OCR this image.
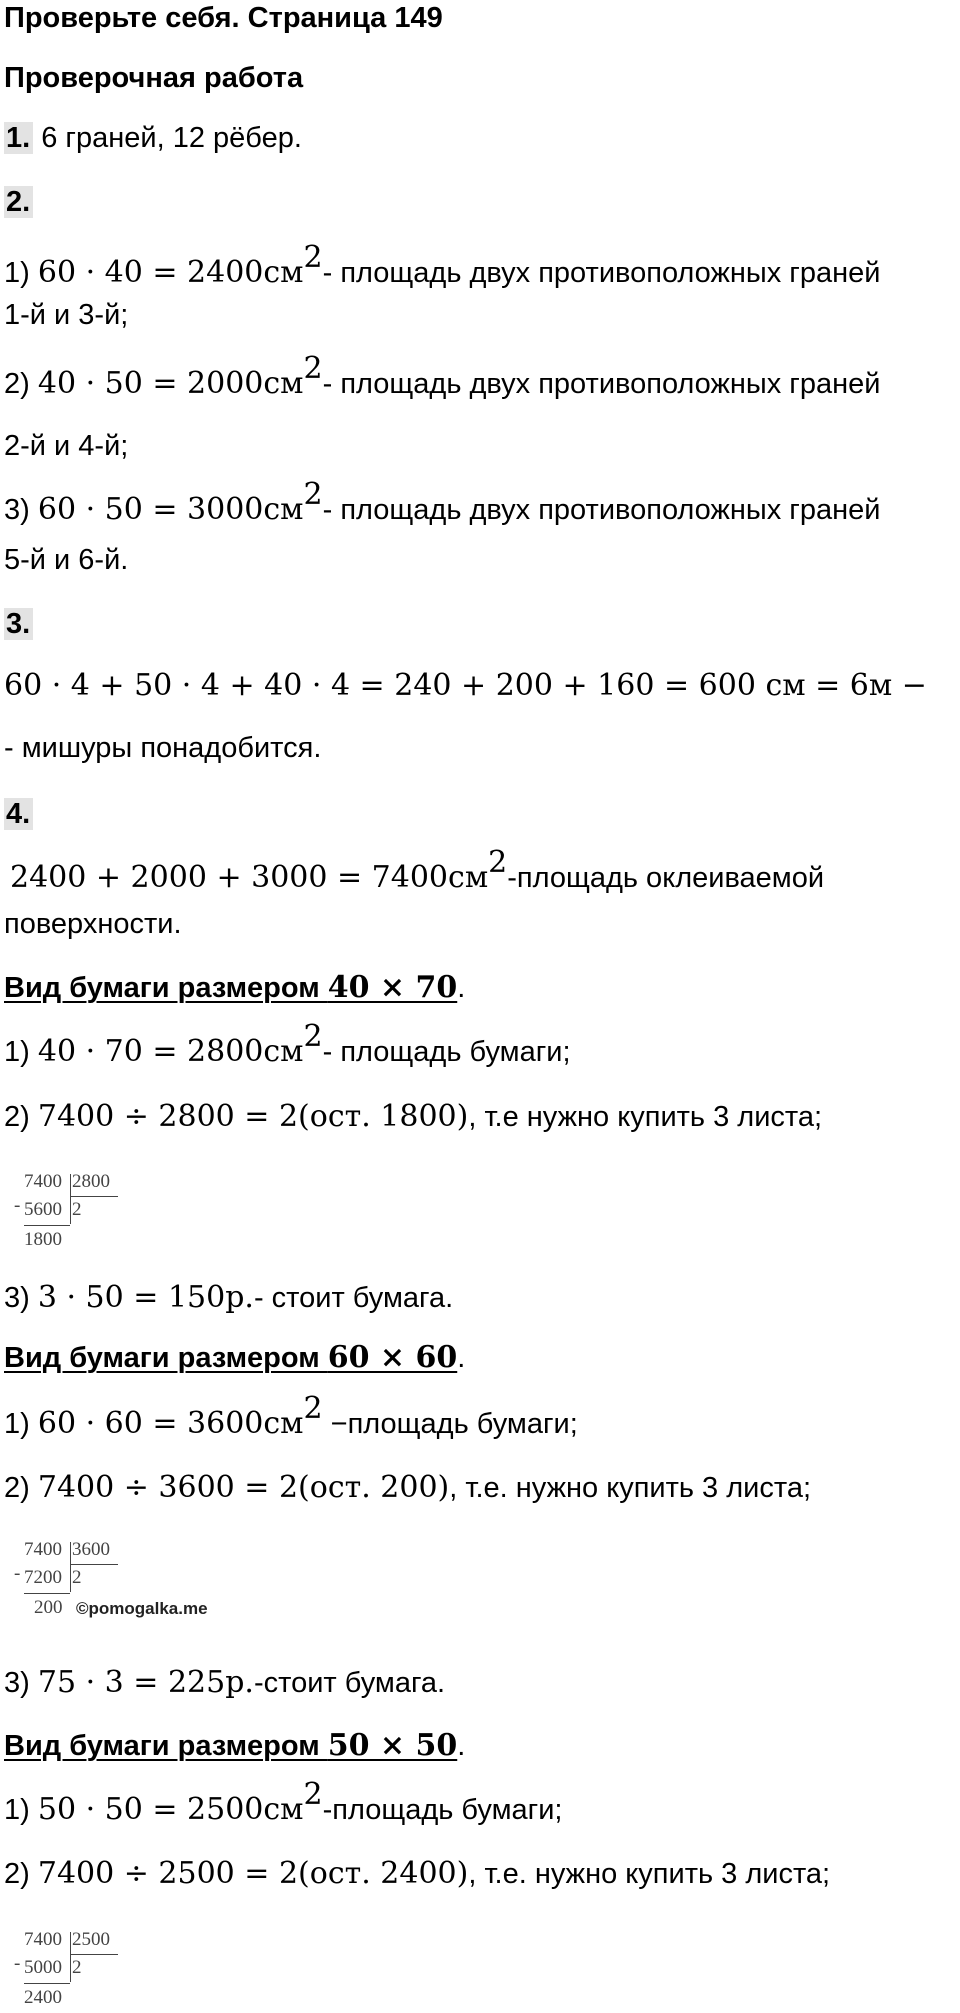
Проверьте себя. Страница 149
Проверочная работа
1. 6 граней, 12 рёбер.
2.
1) $60 \cdot 40 = 2400см^2-$ площадь двух противоположных граней
1-й и 3-й;
2) $40 \cdot 50 = 2000см^2-$ площадь двух противоположных граней
2-й и 4-й;
3) $60 \cdot 50 = 3000см^2-$ площадь двух противоположных граней
5-й и 6-й.
3.
60 · 4 + 50 · 4 + 40 · 4 = 240 + 200 + 160 = 600 см = 6м −
- мишуры понадобится.
4.
$2400 + 2000 + 3000 = 7400см^2$-площадь оклеиваемой
поверхности.
Вид бумаги размером 40 × 70.
1) $40 \cdot 70 = 2800см^2-$ площадь бумаги;
2) 7400 ÷ 2800 = 2(ост. 1800), т.е нужно купить 3 листа;
7400 2800
- 5600 2
1800
3) 3 · 50 = 150р.- стоит бумага.
Вид бумаги размером 60 × 60.
1) $60 \cdot 60 = 3600см^2$ −площадь бумаги;
2) 7400 ÷ 3600 = 2(ост. 200), т.е. нужно купить 3 листа;
7400 3600
- 7200 2
200 ©pomogalka.me
3) 75 · 3 = 225р.-стоит бумага.
Вид бумаги размером 50 × 50.
1) $50 \cdot 50 = 2500см^2$-площадь бумаги;
2) 7400 ÷ 2500 = 2(ост. 2400), т.е. нужно купить 3 листа;
7400 2500
- 5000 2
2400
